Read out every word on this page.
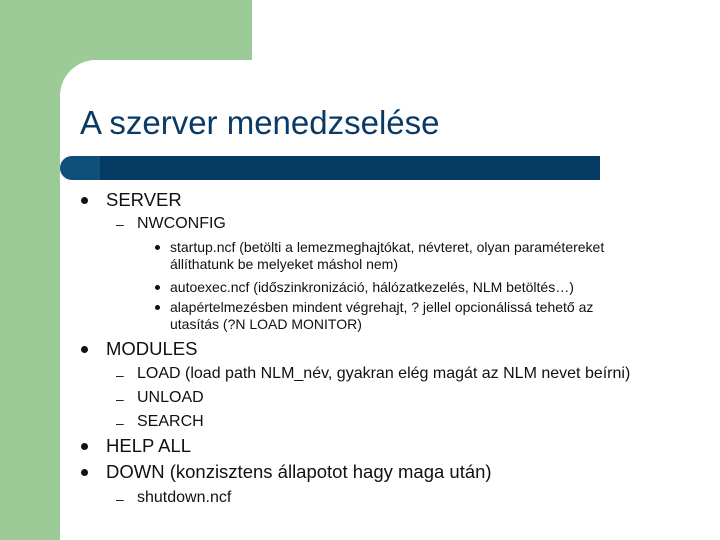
A szerver menedzselése
SERVER
– NWCONFIG
startup.ncf (betölti a lemezmeghajtókat, névteret, olyan paramétereket
állíthatunk be melyeket máshol nem)
autoexec.ncf (időszinkronizáció, hálózatkezelés, NLM betöltés…)
alapértelmezésben mindent végrehajt, ? jellel opcionálissá tehető az
utasítás (?N LOAD MONITOR)
MODULES
– LOAD (load path NLM_név, gyakran elég magát az NLM nevet beírni)
– UNLOAD
– SEARCH
HELP ALL
DOWN (konzisztens állapotot hagy maga után)
– shutdown.ncf
